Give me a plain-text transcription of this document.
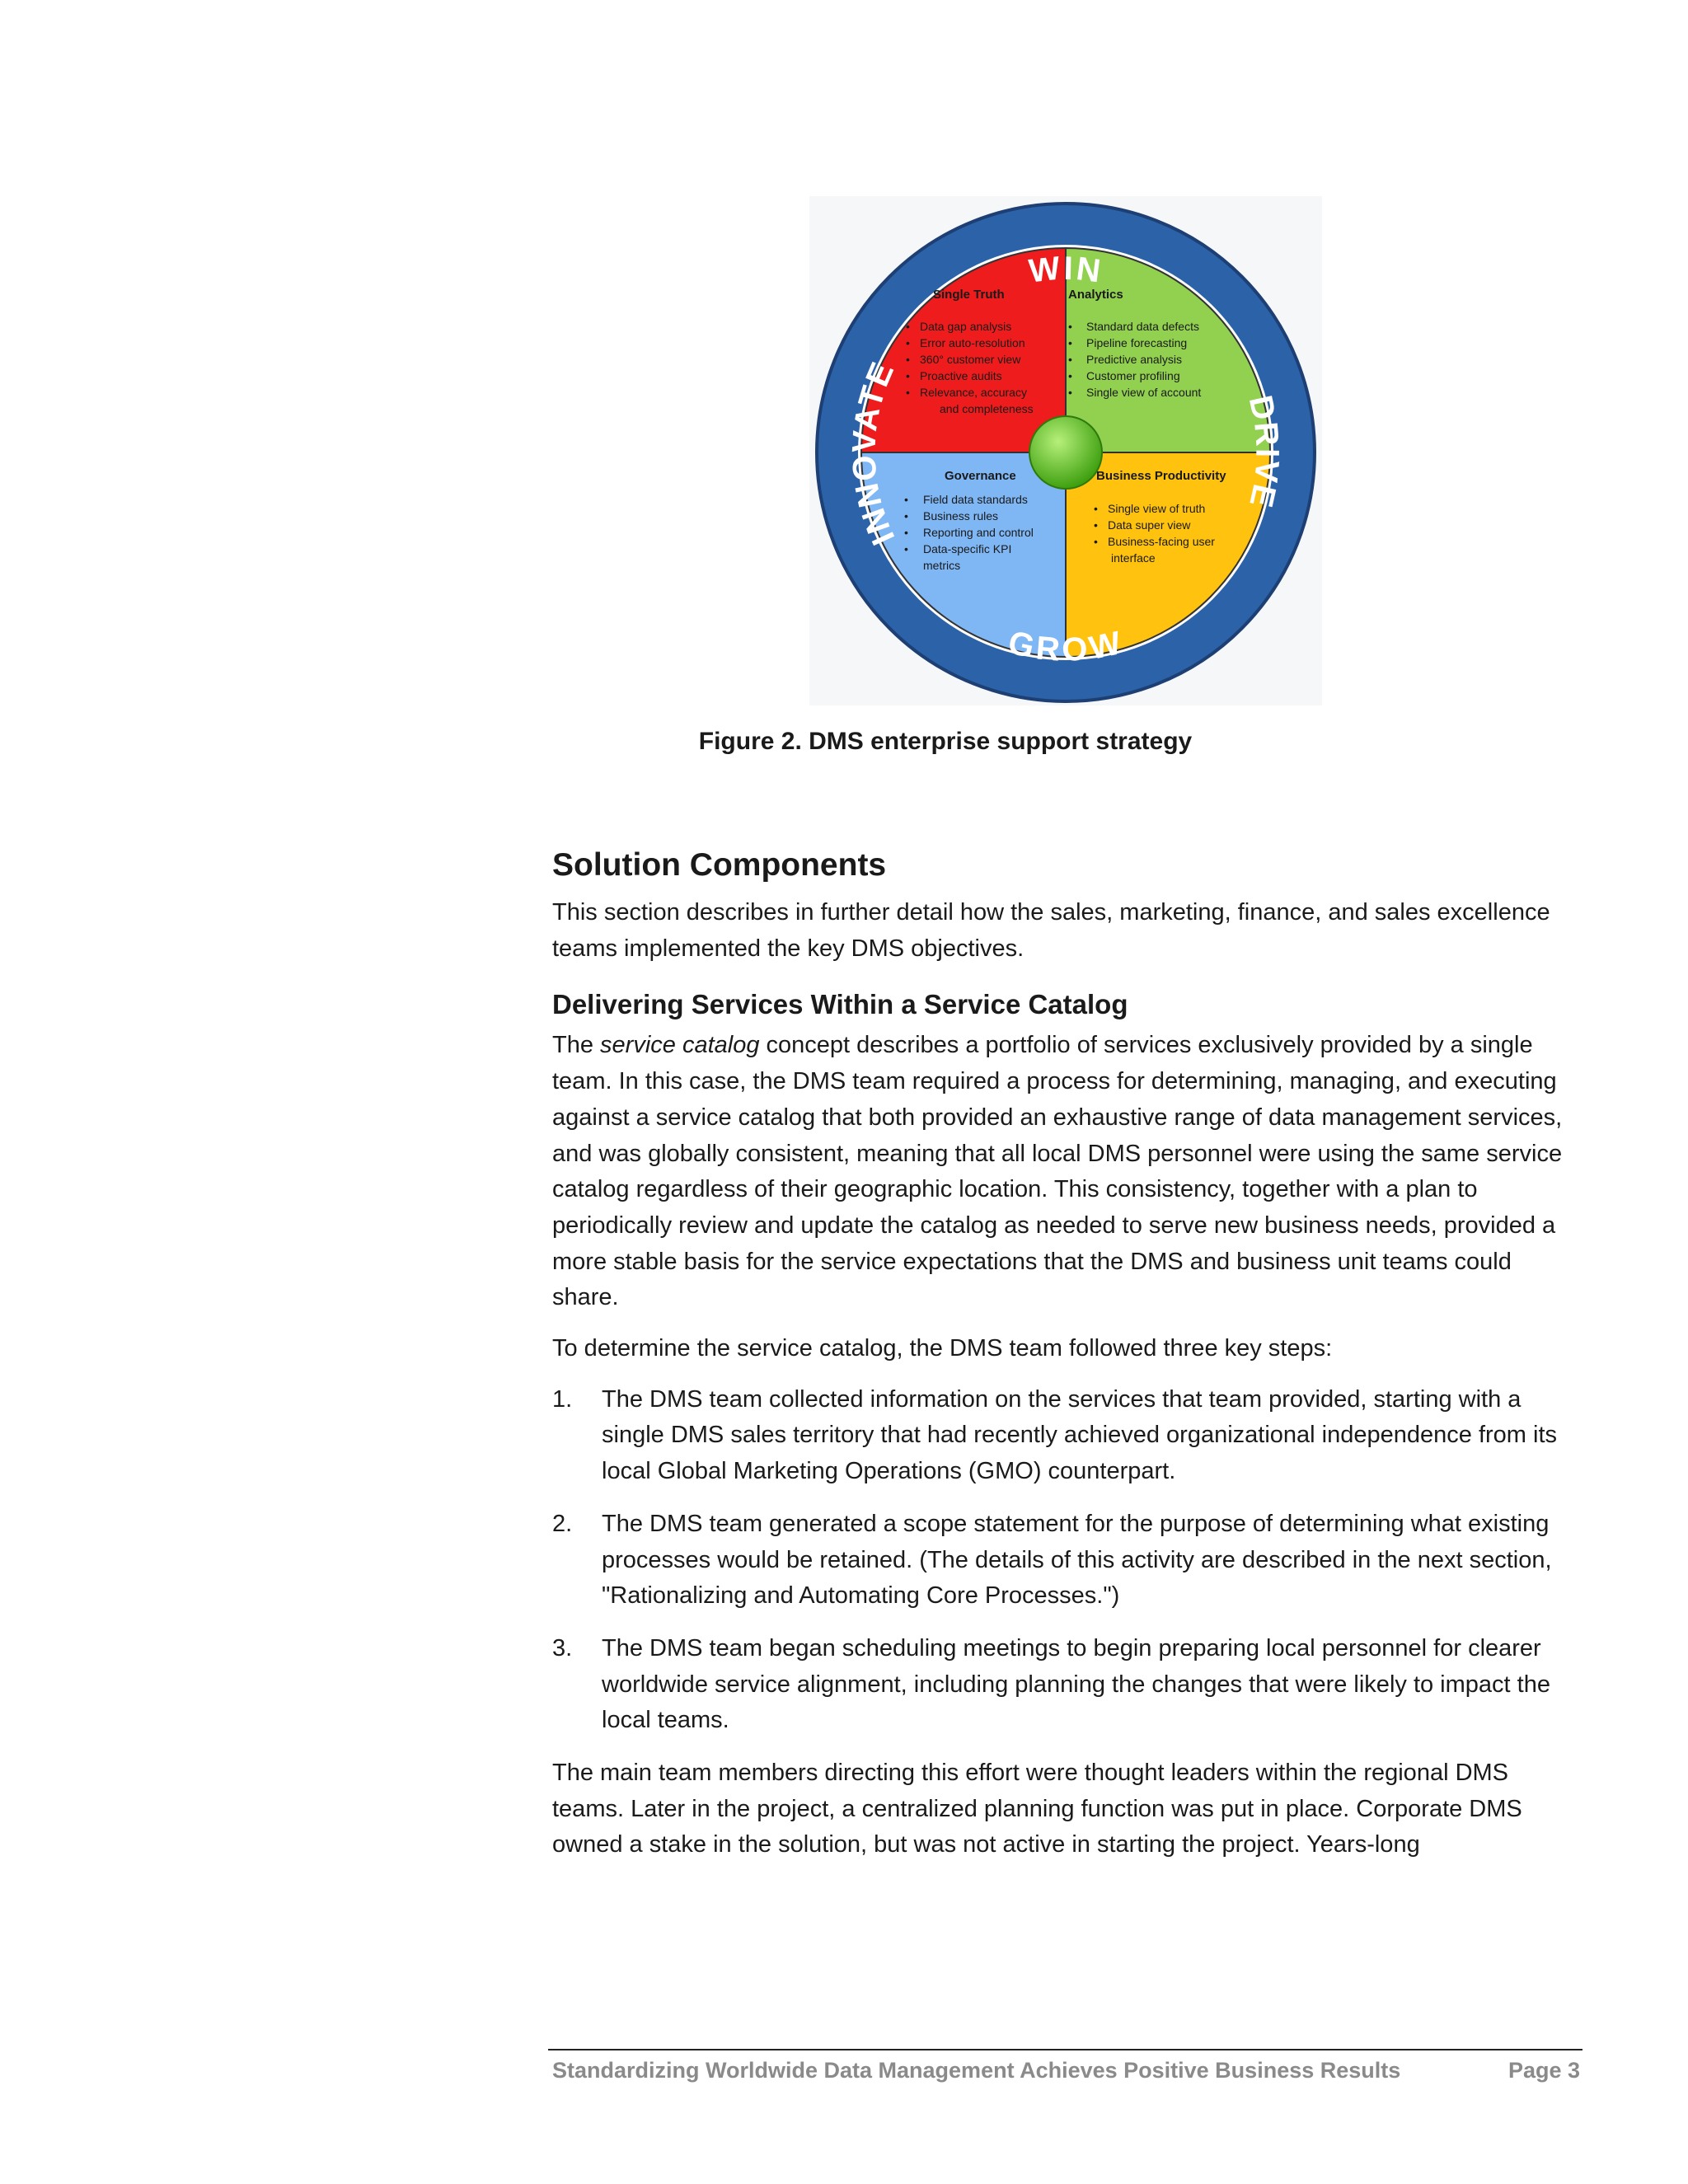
WIN
DRIVE
GROW
INNOVATE
Single Truth
• Data gap analysis
• Error auto-resolution
• 360° customer view
• Proactive audits
• Relevance, accuracy
and completeness
Analytics
• Standard data defects
• Pipeline forecasting
• Predictive analysis
• Customer profiling
• Single view of account
Governance
• Field data standards
• Business rules
• Reporting and control
• Data-specific KPI
metrics
Business Productivity
• Single view of truth
• Data super view
• Business-facing user
interface

Figure 2. DMS enterprise support strategy

Solution Components

This section describes in further detail how the sales, marketing, finance, and sales excellence teams implemented the key DMS objectives.

Delivering Services Within a Service Catalog

The service catalog concept describes a portfolio of services exclusively provided by a single team. In this case, the DMS team required a process for determining, managing, and executing against a service catalog that both provided an exhaustive range of data management services, and was globally consistent, meaning that all local DMS personnel were using the same service catalog regardless of their geographic location. This consistency, together with a plan to periodically review and update the catalog as needed to serve new business needs, provided a more stable basis for the service expectations that the DMS and business unit teams could share.

To determine the service catalog, the DMS team followed three key steps:

1. The DMS team collected information on the services that team provided, starting with a single DMS sales territory that had recently achieved organizational independence from its local Global Marketing Operations (GMO) counterpart.
2. The DMS team generated a scope statement for the purpose of determining what existing processes would be retained. (The details of this activity are described in the next section, "Rationalizing and Automating Core Processes.")
3. The DMS team began scheduling meetings to begin preparing local personnel for clearer worldwide service alignment, including planning the changes that were likely to impact the local teams.

The main team members directing this effort were thought leaders within the regional DMS teams. Later in the project, a centralized planning function was put in place. Corporate DMS owned a stake in the solution, but was not active in starting the project. Years-long

Standardizing Worldwide Data Management Achieves Positive Business Results	Page 3
